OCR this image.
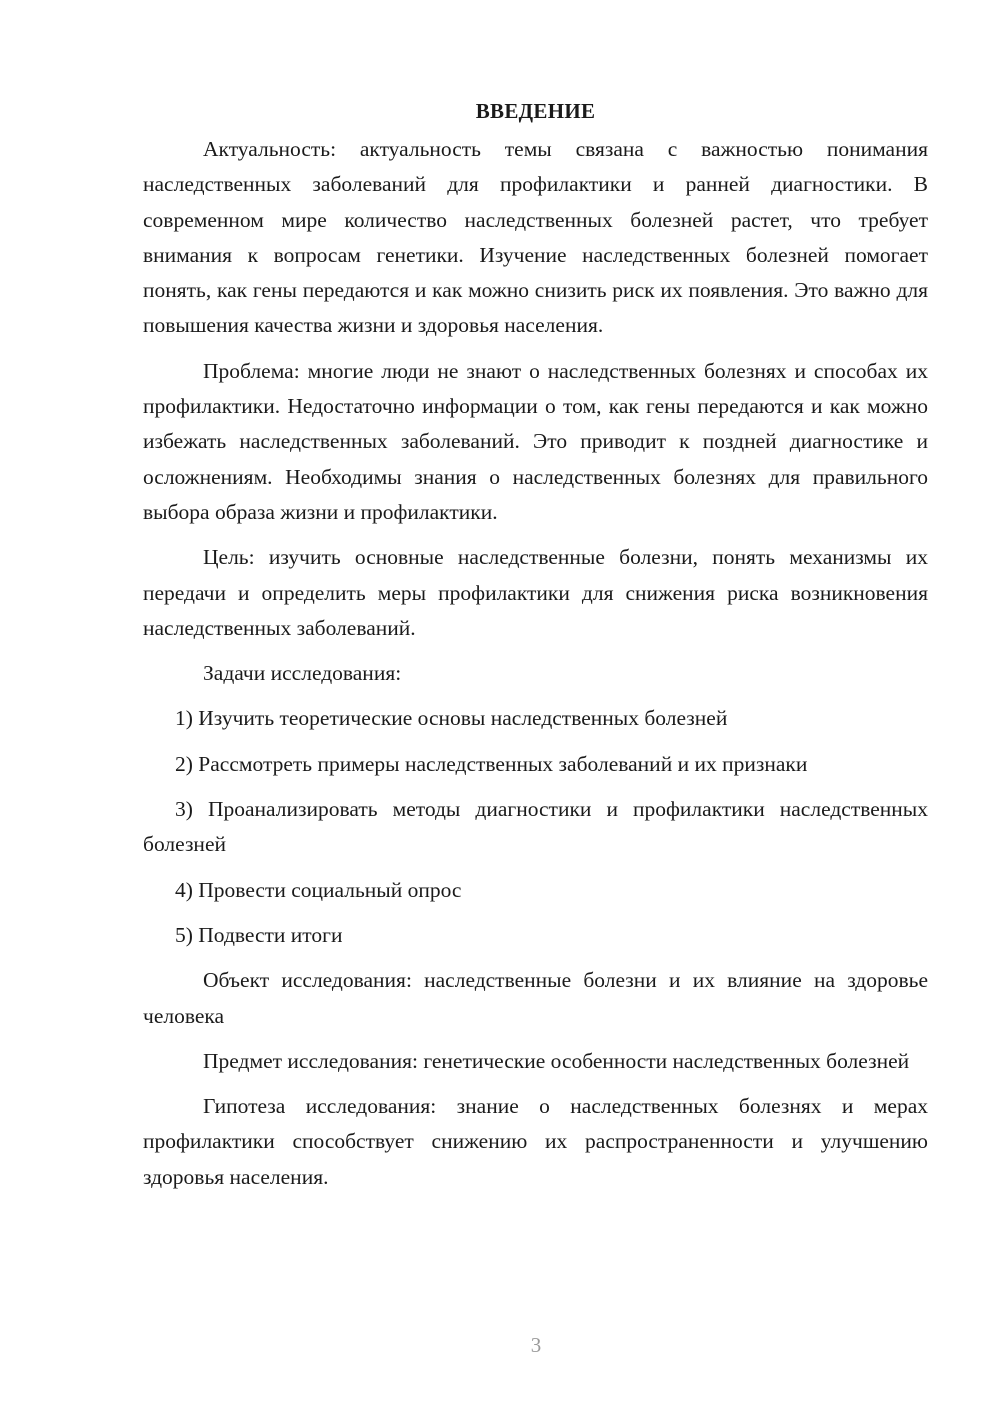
ВВЕДЕНИЕ

Актуальность: актуальность темы связана с важностью понимания наследственных заболеваний для профилактики и ранней диагностики. В современном мире количество наследственных болезней растет, что требует внимания к вопросам генетики. Изучение наследственных болезней помогает понять, как гены передаются и как можно снизить риск их появления. Это важно для повышения качества жизни и здоровья населения.

Проблема: многие люди не знают о наследственных болезнях и способах их профилактики. Недостаточно информации о том, как гены передаются и как можно избежать наследственных заболеваний. Это приводит к поздней диагностике и осложнениям. Необходимы знания о наследственных болезнях для правильного выбора образа жизни и профилактики.

Цель: изучить основные наследственные болезни, понять механизмы их передачи и определить меры профилактики для снижения риска возникновения наследственных заболеваний.

Задачи исследования:

1) Изучить теоретические основы наследственных болезней

2) Рассмотреть примеры наследственных заболеваний и их признаки

3) Проанализировать методы диагностики и профилактики наследственных болезней

4) Провести социальный опрос

5) Подвести итоги

Объект исследования: наследственные болезни и их влияние на здоровье человека

Предмет исследования: генетические особенности наследственных болезней

Гипотеза исследования: знание о наследственных болезнях и мерах профилактики способствует снижению их распространенности и улучшению здоровья населения.

3
